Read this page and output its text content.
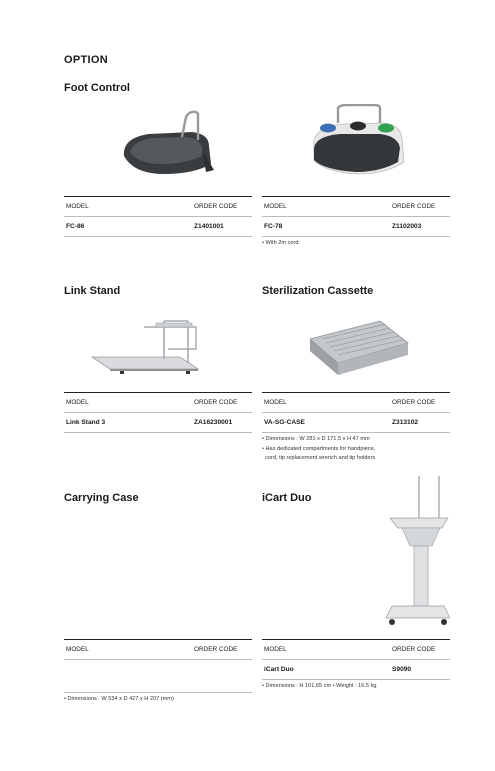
OPTION
Foot Control
MODEL	ORDER CODE
FC-86	Z1401001
MODEL	ORDER CODE
FC-78	Z1102003
• With 2m cord
Link Stand
MODEL	ORDER CODE
Link Stand 3	ZA16230001
Sterilization Cassette
MODEL	ORDER CODE
VA-SG-CASE	Z313102
• Dimensions : W 281 x D 171.5 x H 47 mm
• Has dedicated compartments for handpiece,
cord, tip replacement wrench and tip holders
Carrying Case
MODEL	ORDER CODE
• Dimensions : W 534 x D 427 x H 207 (mm)
iCart Duo
MODEL	ORDER CODE
iCart Duo	S9090
• Dimensions : H 101.65 cm • Weight : 16.5 kg
